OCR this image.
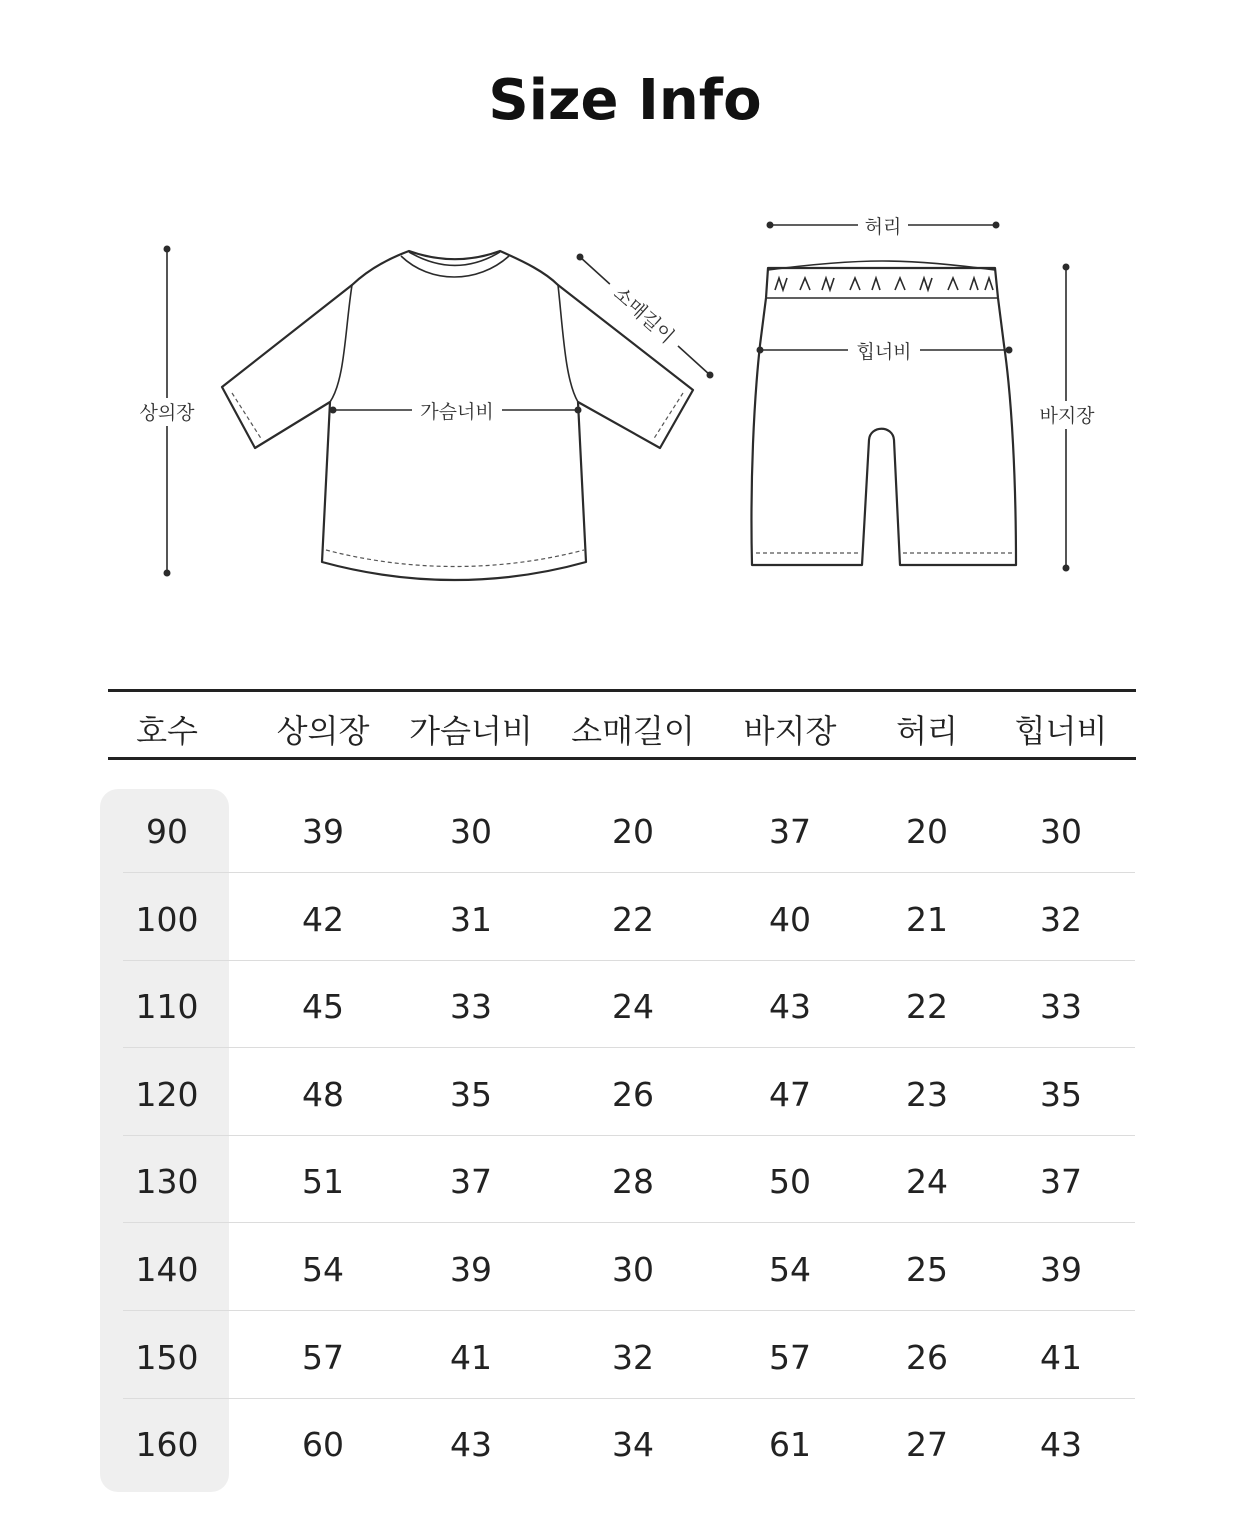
Size Info
상의장	가슴너비
소매길이
허리
힙너비
바지장
호수 상의장 가슴너비 소매길이 바지장 허리 힙너비
90	39	30	20	37	20	30
100	42	31	22	40	21	32
110	45	33	24	43	22	33
120	48	35	26	47	23	35
130	51	37	28	50	24	37
140	54	39	30	54	25	39
150	57	41	32	57	26	41
160	60	43	34	61	27	43
